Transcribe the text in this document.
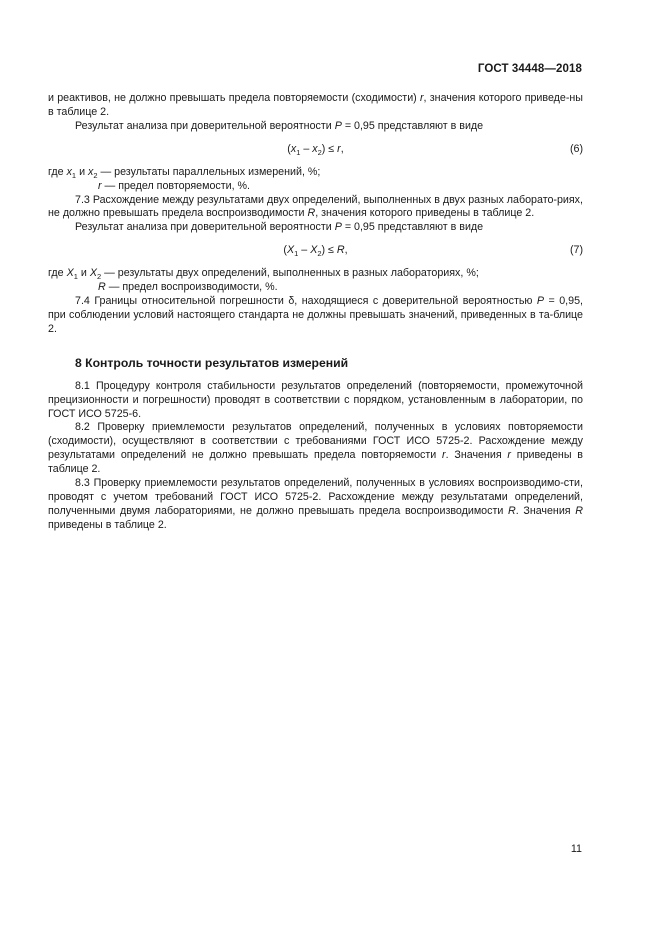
ГОСТ 34448—2018

и реактивов, не должно превышать предела повторяемости (сходимости) r, значения которого приведе-ны в таблице 2.

Результат анализа при доверительной вероятности P = 0,95 представляют в виде

$(x_1 - x_2) \le r$,	(6)

где $x_1$ и $x_2$ — результаты параллельных измерений, %;

r — предел повторяемости, %.

7.3 Расхождение между результатами двух определений, выполненных в двух разных лаборато-риях, не должно превышать предела воспроизводимости R, значения которого приведены в таблице 2.

Результат анализа при доверительной вероятности P = 0,95 представляют в виде

$(X_1 - X_2) \le R$,	(7)

где $X_1$ и $X_2$ — результаты двух определений, выполненных в разных лабораториях, %;

R — предел воспроизводимости, %.

7.4 Границы относительной погрешности δ, находящиеся с доверительной вероятностью P = 0,95, при соблюдении условий настоящего стандарта не должны превышать значений, приведенных в та-блице 2.

8 Контроль точности результатов измерений

8.1 Процедуру контроля стабильности результатов определений (повторяемости, промежуточной прецизионности и погрешности) проводят в соответствии с порядком, установленным в лаборатории, по ГОСТ ИСО 5725-6.

8.2 Проверку приемлемости результатов определений, полученных в условиях повторяемости (сходимости), осуществляют в соответствии с требованиями ГОСТ ИСО 5725-2. Расхождение между результатами определений не должно превышать предела повторяемости r. Значения r приведены в таблице 2.

8.3 Проверку приемлемости результатов определений, полученных в условиях воспроизводимо-сти, проводят с учетом требований ГОСТ ИСО 5725-2. Расхождение между результатами определений, полученными двумя лабораториями, не должно превышать предела воспроизводимости R. Значения R приведены в таблице 2.

11
